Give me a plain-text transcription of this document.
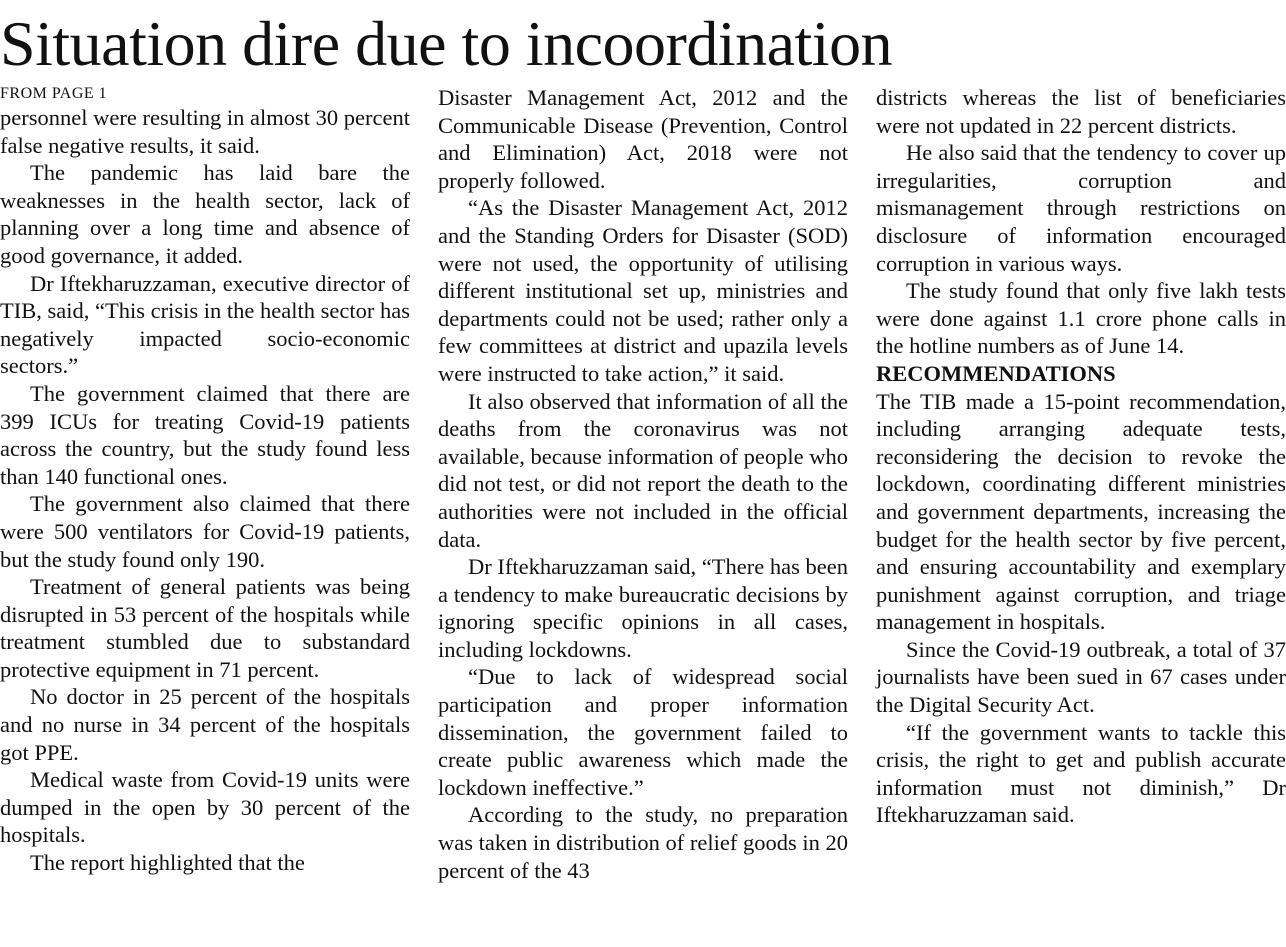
Situation dire due to incoordination
FROM PAGE 1

personnel were resulting in almost 30 percent false negative results, it said.

The pandemic has laid bare the weaknesses in the health sector, lack of planning over a long time and absence of good governance, it added.

Dr Iftekharuzzaman, executive director of TIB, said, “This crisis in the health sector has negatively impacted socio-economic sectors.”

The government claimed that there are 399 ICUs for treating Covid-19 patients across the country, but the study found less than 140 functional ones.

The government also claimed that there were 500 ventilators for Covid-19 patients, but the study found only 190.

Treatment of general patients was being disrupted in 53 percent of the hospitals while treatment stumbled due to substandard protective equipment in 71 percent.

No doctor in 25 percent of the hospitals and no nurse in 34 percent of the hospitals got PPE.

Medical waste from Covid-19 units were dumped in the open by 30 percent of the hospitals.

The report highlighted that the

Disaster Management Act, 2012 and the Communicable Disease (Prevention, Control and Elimination) Act, 2018 were not properly followed.

“As the Disaster Management Act, 2012 and the Standing Orders for Disaster (SOD) were not used, the opportunity of utilising different institutional set up, ministries and departments could not be used; rather only a few committees at district and upazila levels were instructed to take action,” it said.

It also observed that information of all the deaths from the coronavirus was not available, because information of people who did not test, or did not report the death to the authorities were not included in the official data.

Dr Iftekharuzzaman said, “There has been a tendency to make bureaucratic decisions by ignoring specific opinions in all cases, including lockdowns.

“Due to lack of widespread social participation and proper information dissemination, the government failed to create public awareness which made the lockdown ineffective.”

According to the study, no preparation was taken in distribution of relief goods in 20 percent of the 43

districts whereas the list of beneficiaries were not updated in 22 percent districts.

He also said that the tendency to cover up irregularities, corruption and mismanagement through restrictions on disclosure of information encouraged corruption in various ways.

The study found that only five lakh tests were done against 1.1 crore phone calls in the hotline numbers as of June 14.

RECOMMENDATIONS

The TIB made a 15-point recommendation, including arranging adequate tests, reconsidering the decision to revoke the lockdown, coordinating different ministries and government departments, increasing the budget for the health sector by five percent, and ensuring accountability and exemplary punishment against corruption, and triage management in hospitals.

Since the Covid-19 outbreak, a total of 37 journalists have been sued in 67 cases under the Digital Security Act.

“If the government wants to tackle this crisis, the right to get and publish accurate information must not diminish,” Dr Iftekharuzzaman said.
